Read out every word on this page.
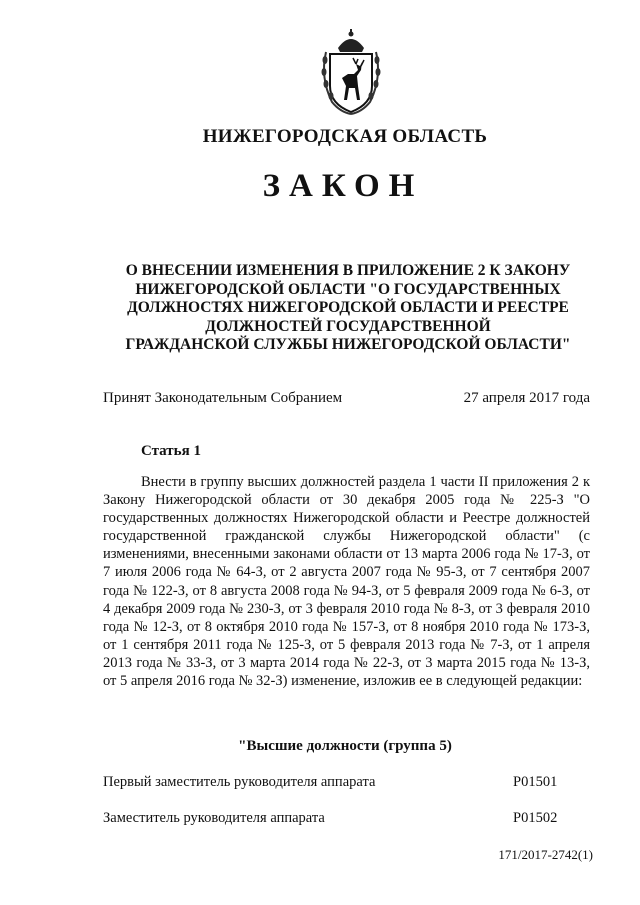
НИЖЕГОРОДСКАЯ ОБЛАСТЬ
ЗАКОН
О ВНЕСЕНИИ ИЗМЕНЕНИЯ В ПРИЛОЖЕНИЕ 2 К ЗАКОНУ
НИЖЕГОРОДСКОЙ ОБЛАСТИ "О ГОСУДАРСТВЕННЫХ
ДОЛЖНОСТЯХ НИЖЕГОРОДСКОЙ ОБЛАСТИ И РЕЕСТРЕ
ДОЛЖНОСТЕЙ ГОСУДАРСТВЕННОЙ
ГРАЖДАНСКОЙ СЛУЖБЫ НИЖЕГОРОДСКОЙ ОБЛАСТИ"
Принят Законодательным Собранием	27 апреля 2017 года
Статья 1

Внести в группу высших должностей раздела 1 части II приложения 2 к Закону Нижегородской области от 30 декабря 2005 года № 225-З "О государственных должностях Нижегородской области и Реестре должностей государственной гражданской службы Нижегородской области" (с изменениями, внесенными законами области от 13 марта 2006 года № 17-З, от 7 июля 2006 года № 64-З, от 2 августа 2007 года № 95-З, от 7 сентября 2007 года № 122-З, от 8 августа 2008 года № 94-З, от 5 февраля 2009 года № 6-З, от 4 декабря 2009 года № 230-З, от 3 февраля 2010 года № 8-З, от 3 февраля 2010 года № 12-З, от 8 октября 2010 года № 157-З, от 8 ноября 2010 года № 173-З, от 1 сентября 2011 года № 125-З, от 5 февраля 2013 года № 7-З, от 1 апреля 2013 года № 33-З, от 3 марта 2014 года № 22-З, от 3 марта 2015 года № 13-З, от 5 апреля 2016 года № 32-З) изменение, изложив ее в следующей редакции:

"Высшие должности (группа 5)
Первый заместитель руководителя аппарата	Р01501
Заместитель руководителя аппарата	Р01502
171/2017-2742(1)
